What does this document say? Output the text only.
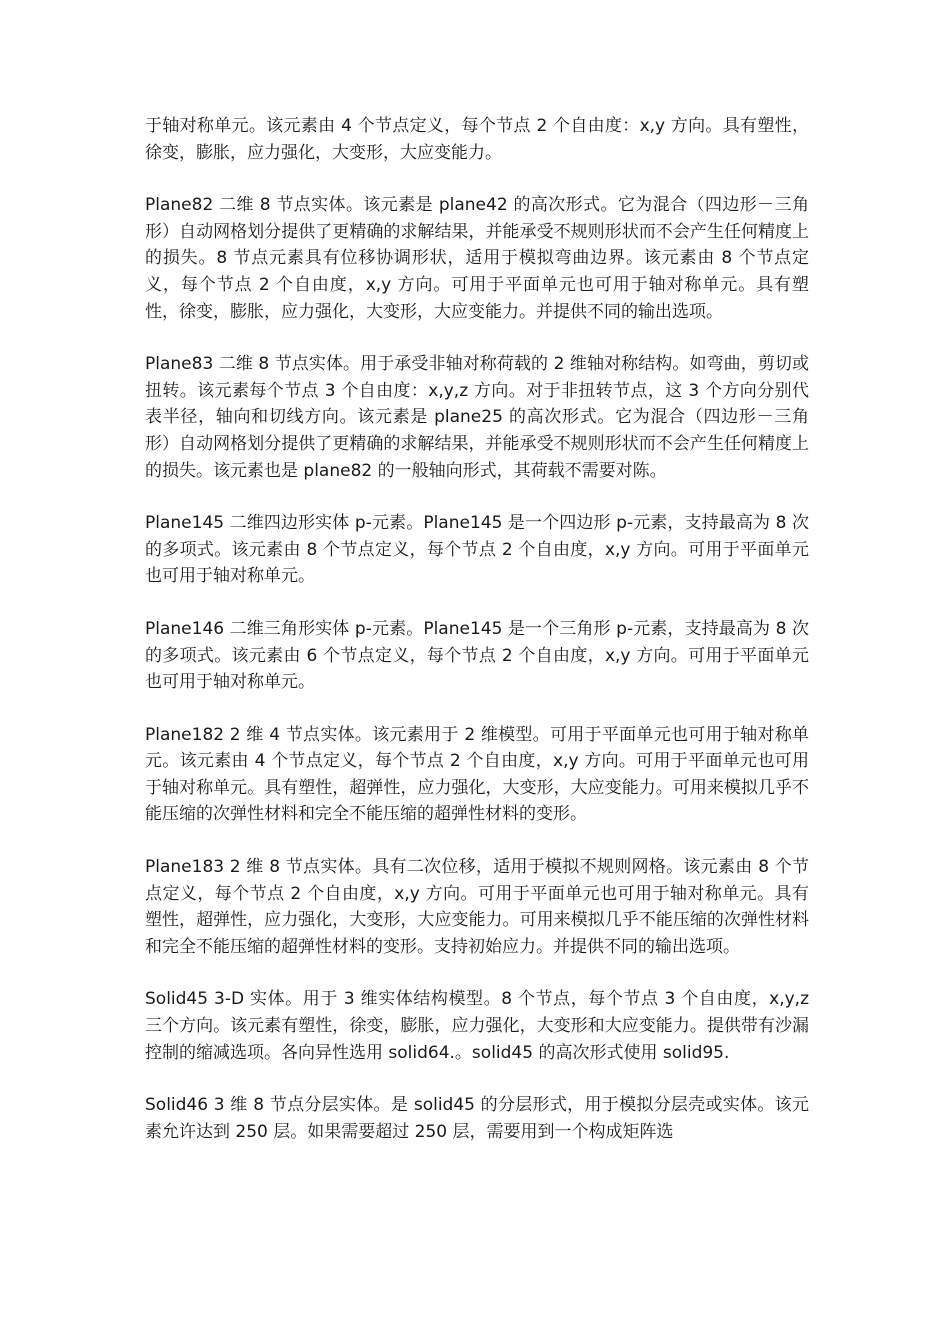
于轴对称单元。该元素由 4 个节点定义，每个节点 2 个自由度：x,y 方向。具有塑性，徐变，膨胀，应力强化，大变形，大应变能力。

Plane82 二维 8 节点实体。该元素是 plane42 的高次形式。它为混合（四边形－三角形）自动网格划分提供了更精确的求解结果，并能承受不规则形状而不会产生任何精度上的损失。8 节点元素具有位移协调形状，适用于模拟弯曲边界。该元素由 8 个节点定义，每个节点 2 个自由度，x,y 方向。可用于平面单元也可用于轴对称单元。具有塑性，徐变，膨胀，应力强化，大变形，大应变能力。并提供不同的输出选项。

Plane83 二维 8 节点实体。用于承受非轴对称荷载的 2 维轴对称结构。如弯曲，剪切或扭转。该元素每个节点 3 个自由度：x,y,z 方向。对于非扭转节点，这 3 个方向分别代表半径，轴向和切线方向。该元素是 plane25 的高次形式。它为混合（四边形－三角形）自动网格划分提供了更精确的求解结果，并能承受不规则形状而不会产生任何精度上的损失。该元素也是 plane82 的一般轴向形式，其荷载不需要对陈。

Plane145 二维四边形实体 p-元素。Plane145 是一个四边形 p-元素，支持最高为 8 次的多项式。该元素由 8 个节点定义，每个节点 2 个自由度，x,y 方向。可用于平面单元也可用于轴对称单元。

Plane146 二维三角形实体 p-元素。Plane145 是一个三角形 p-元素，支持最高为 8 次的多项式。该元素由 6 个节点定义，每个节点 2 个自由度，x,y 方向。可用于平面单元也可用于轴对称单元。

Plane182 2 维 4 节点实体。该元素用于 2 维模型。可用于平面单元也可用于轴对称单元。该元素由 4 个节点定义，每个节点 2 个自由度，x,y 方向。可用于平面单元也可用于轴对称单元。具有塑性，超弹性，应力强化，大变形，大应变能力。可用来模拟几乎不能压缩的次弹性材料和完全不能压缩的超弹性材料的变形。

Plane183 2 维 8 节点实体。具有二次位移，适用于模拟不规则网格。该元素由 8 个节点定义，每个节点 2 个自由度，x,y 方向。可用于平面单元也可用于轴对称单元。具有塑性，超弹性，应力强化，大变形，大应变能力。可用来模拟几乎不能压缩的次弹性材料和完全不能压缩的超弹性材料的变形。支持初始应力。并提供不同的输出选项。

Solid45 3-D 实体。用于 3 维实体结构模型。8 个节点，每个节点 3 个自由度，x,y,z 三个方向。该元素有塑性，徐变，膨胀，应力强化，大变形和大应变能力。提供带有沙漏控制的缩减选项。各向异性选用 solid64.。solid45 的高次形式使用 solid95.

Solid46 3 维 8 节点分层实体。是 solid45 的分层形式，用于模拟分层壳或实体。该元素允许达到 250 层。如果需要超过 250 层，需要用到一个构成矩阵选
